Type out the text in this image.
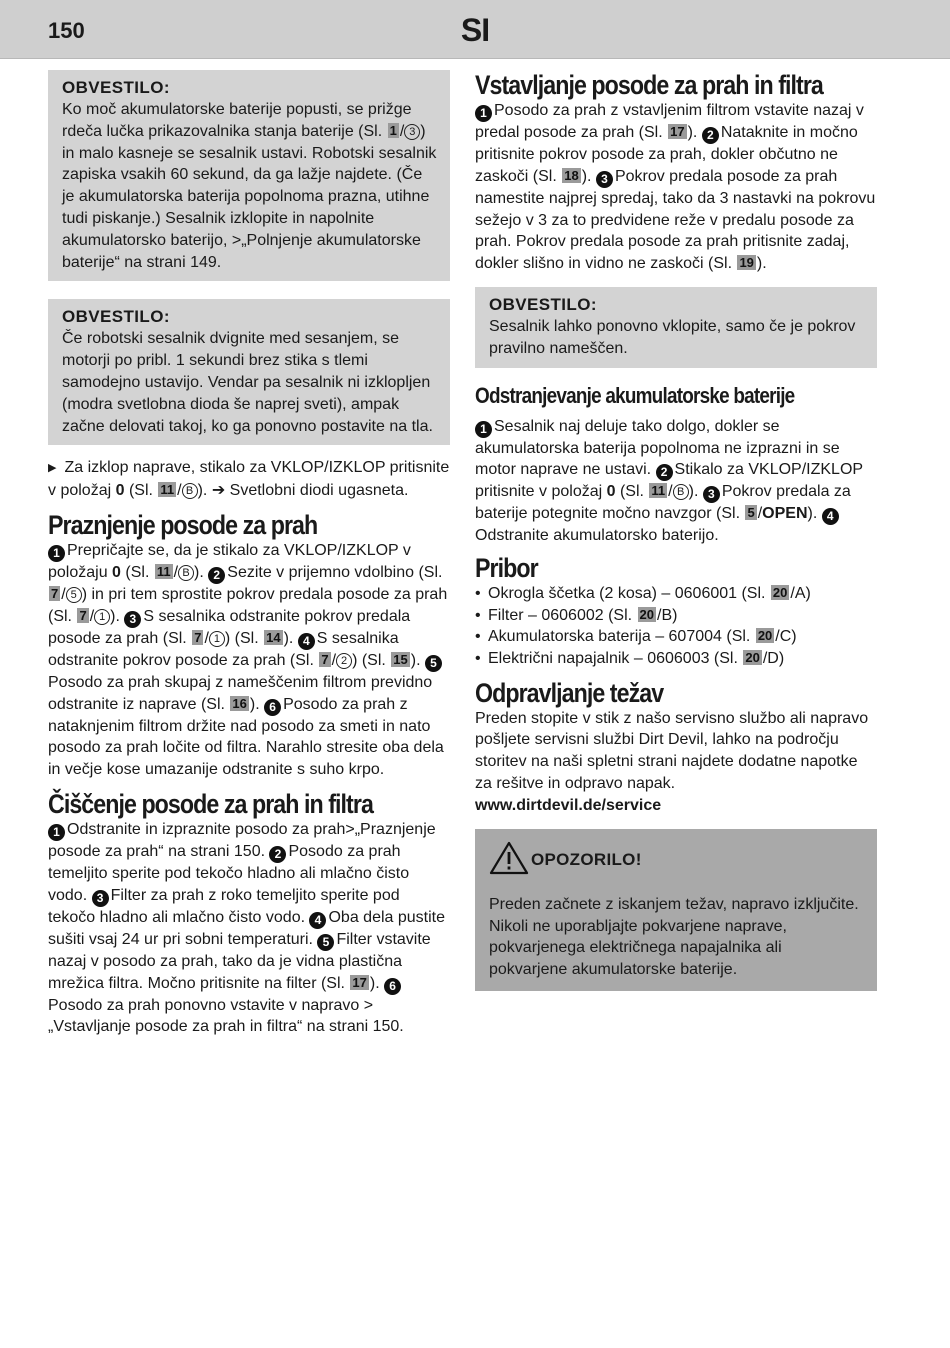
150	SI
OBVESTILO:

Ko moč akumulatorske baterije popusti, se prižge rdeča lučka prikazovalnika stanja baterije (Sl. 1 / 3 ) in malo kasneje se sesalnik ustavi. Robotski sesalnik zapiska vsakih 60 sekund, da ga lažje najdete. (Če je akumulatorska baterija popolnoma prazna, utihne tudi piskanje.) Sesalnik izklopite in napolnite akumulatorsko baterijo, >„Polnjenje akumulatorske baterije“ na strani 149.

OBVESTILO:

Če robotski sesalnik dvignite med sesanjem, se motorji po pribl. 1 sekundi brez stika s tlemi samodejno ustavijo. Vendar pa sesalnik ni izklopljen (modra svetlobna dioda še naprej sveti), ampak začne delovati takoj, ko ga ponovno postavite na tla.

▶ Za izklop naprave, stikalo za VKLOP/IZKLOP pritisnite v položaj 0 (Sl. 11 / B ). ➔ Svetlobni diodi ugasneta.

Praznjenje posode za prah

1 Prepričajte se, da je stikalo za VKLOP/IZKLOP v položaju 0 (Sl. 11 / B ). 2 Sezite v prijemno vdolbino (Sl. 7 / 5 ) in pri tem sprostite pokrov predala posode za prah (Sl. 7 / 1 ). 3 S sesalnika odstranite pokrov predala posode za prah (Sl. 7 / 1 ) (Sl. 14 ). 4 S sesalnika odstranite pokrov posode za prah (Sl. 7 / 2 ) (Sl. 15 ). 5Posodo za prah skupaj z nameščenim filtrom previdno odstranite iz naprave (Sl. 16 ). 6 Posodo za prah z nataknjenim filtrom držite nad posodo za smeti in nato posodo za prah ločite od filtra. Narahlo stresite oba dela in večje kose umazanije odstranite s suho krpo.

Čiščenje posode za prah in filtra

1 Odstranite in izpraznite posodo za prah>„Praznjenje posode za prah“ na strani 150. 2 Posodo za prah temeljito sperite pod tekočo hladno ali mlačno čisto vodo. 3 Filter za prah z roko temeljito sperite pod tekočo hladno ali mlačno čisto vodo. 4 Oba dela pustite sušiti vsaj 24 ur pri sobni temperaturi. 5 Filter vstavite nazaj v posodo za prah, tako da je vidna plastična mrežica filtra. Močno pritisnite na filter (Sl. 17 ). 6Posodo za prah ponovno vstavite v napravo > „Vstavljanje posode za prah in filtra“ na strani 150.

Vstavljanje posode za prah in filtra

1 Posodo za prah z vstavljenim filtrom vstavite nazaj v predal posode za prah (Sl. 17 ). 2 Nataknite in močno pritisnite pokrov posode za prah, dokler občutno ne zaskoči (Sl. 18 ). 3 Pokrov predala posode za prah namestite najprej spredaj, tako da 3 nastavki na pokrovu sežejo v 3 za to predvidene reže v predalu posode za prah. Pokrov predala posode za prah pritisnite zadaj, dokler slišno in vidno ne zaskoči (Sl. 19 ).

OBVESTILO:

Sesalnik lahko ponovno vklopite, samo če je pokrov pravilno nameščen.

Odstranjevanje akumulatorske baterije

1 Sesalnik naj deluje tako dolgo, dokler se akumulatorska baterija popolnoma ne izprazni in se motor naprave ne ustavi. 2 Stikalo za VKLOP/IZKLOP pritisnite v položaj 0 (Sl. 11 / B ). 3 Pokrov predala za baterije potegnite močno navzgor (Sl. 5 /OPEN). 4Odstranite akumulatorsko baterijo.

Pribor
• Okrogla ščetka (2 kosa) – 0606001 (Sl. 20 /A)
• Filter – 0606002 (Sl. 20 /B)
• Akumulatorska baterija – 607004 (Sl. 20 /C)
• Električni napajalnik – 0606003 (Sl. 20 /D)
Odpravljanje težav

Preden stopite v stik z našo servisno službo ali napravo pošljete servisni službi Dirt Devil, lahko na področju storitev na naši spletni strani najdete dodatne napotke za rešitve in odpravo napak.

www.dirtdevil.de/service
OPOZORILO!

Preden začnete z iskanjem težav, napravo izključite. Nikoli ne uporabljajte pokvarjene naprave, pokvarjenega električnega napajalnika ali pokvarjene akumulatorske baterije.
